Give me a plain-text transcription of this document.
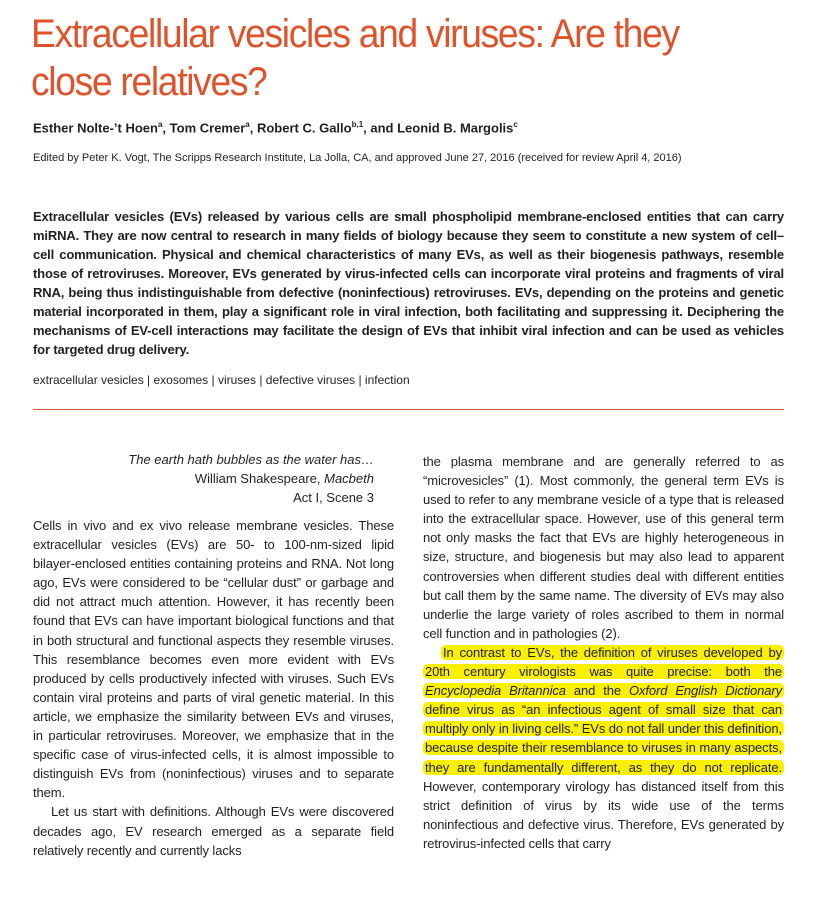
Extracellular vesicles and viruses: Are they close relatives?
Esther Nolte-’t Hoen$^a$, Tom Cremer$^a$, Robert C. Gallo$^{b,1}$, and Leonid B. Margolis$^c$
Edited by Peter K. Vogt, The Scripps Research Institute, La Jolla, CA, and approved June 27, 2016 (received for review April 4, 2016)

Extracellular vesicles (EVs) released by various cells are small phospholipid membrane-enclosed entities that can carry miRNA. They are now central to research in many fields of biology because they seem to constitute a new system of cell–cell communication. Physical and chemical characteristics of many EVs, as well as their biogenesis pathways, resemble those of retroviruses. Moreover, EVs generated by virus-infected cells can incorporate viral proteins and fragments of viral RNA, being thus indistinguishable from defective (noninfectious) retroviruses. EVs, depending on the proteins and genetic material incorporated in them, play a significant role in viral infection, both facilitating and suppressing it. Deciphering the mechanisms of EV-cell interactions may facilitate the design of EVs that inhibit viral infection and can be used as vehicles for targeted drug delivery.

extracellular vesicles | exosomes | viruses | defective viruses | infection
The earth hath bubbles as the water has…
William Shakespeare, Macbeth
Act I, Scene 3

Cells in vivo and ex vivo release membrane vesicles. These extracellular vesicles (EVs) are 50- to 100-nm-sized lipid bilayer-enclosed entities containing proteins and RNA. Not long ago, EVs were considered to be “cellular dust” or garbage and did not attract much attention. However, it has recently been found that EVs can have important biological functions and that in both structural and functional aspects they resemble viruses. This resemblance becomes even more evident with EVs produced by cells productively infected with viruses. Such EVs contain viral proteins and parts of viral genetic material. In this article, we emphasize the similarity between EVs and viruses, in particular retroviruses. Moreover, we emphasize that in the specific case of virus-infected cells, it is almost impossible to distinguish EVs from (noninfectious) viruses and to separate them.

Let us start with definitions. Although EVs were discovered decades ago, EV research emerged as a separate field relatively recently and currently lacks

the plasma membrane and are generally referred to as “microvesicles” (1). Most commonly, the general term EVs is used to refer to any membrane vesicle of a type that is released into the extracellular space. However, use of this general term not only masks the fact that EVs are highly heterogeneous in size, structure, and biogenesis but may also lead to apparent controversies when different studies deal with different entities but call them by the same name. The diversity of EVs may also underlie the large variety of roles ascribed to them in normal cell function and in pathologies (2).

In contrast to EVs, the definition of viruses developed by 20th century virologists was quite precise: both the Encyclopedia Britannica and the Oxford English Dictionary define virus as “an infectious agent of small size that can multiply only in living cells.” EVs do not fall under this definition, because despite their resemblance to viruses in many aspects, they are fundamentally different, as they do not replicate. However, contemporary virology has distanced itself from this strict definition of virus by its wide use of the terms noninfectious and defective virus. Therefore, EVs generated by retrovirus-infected cells that carry
